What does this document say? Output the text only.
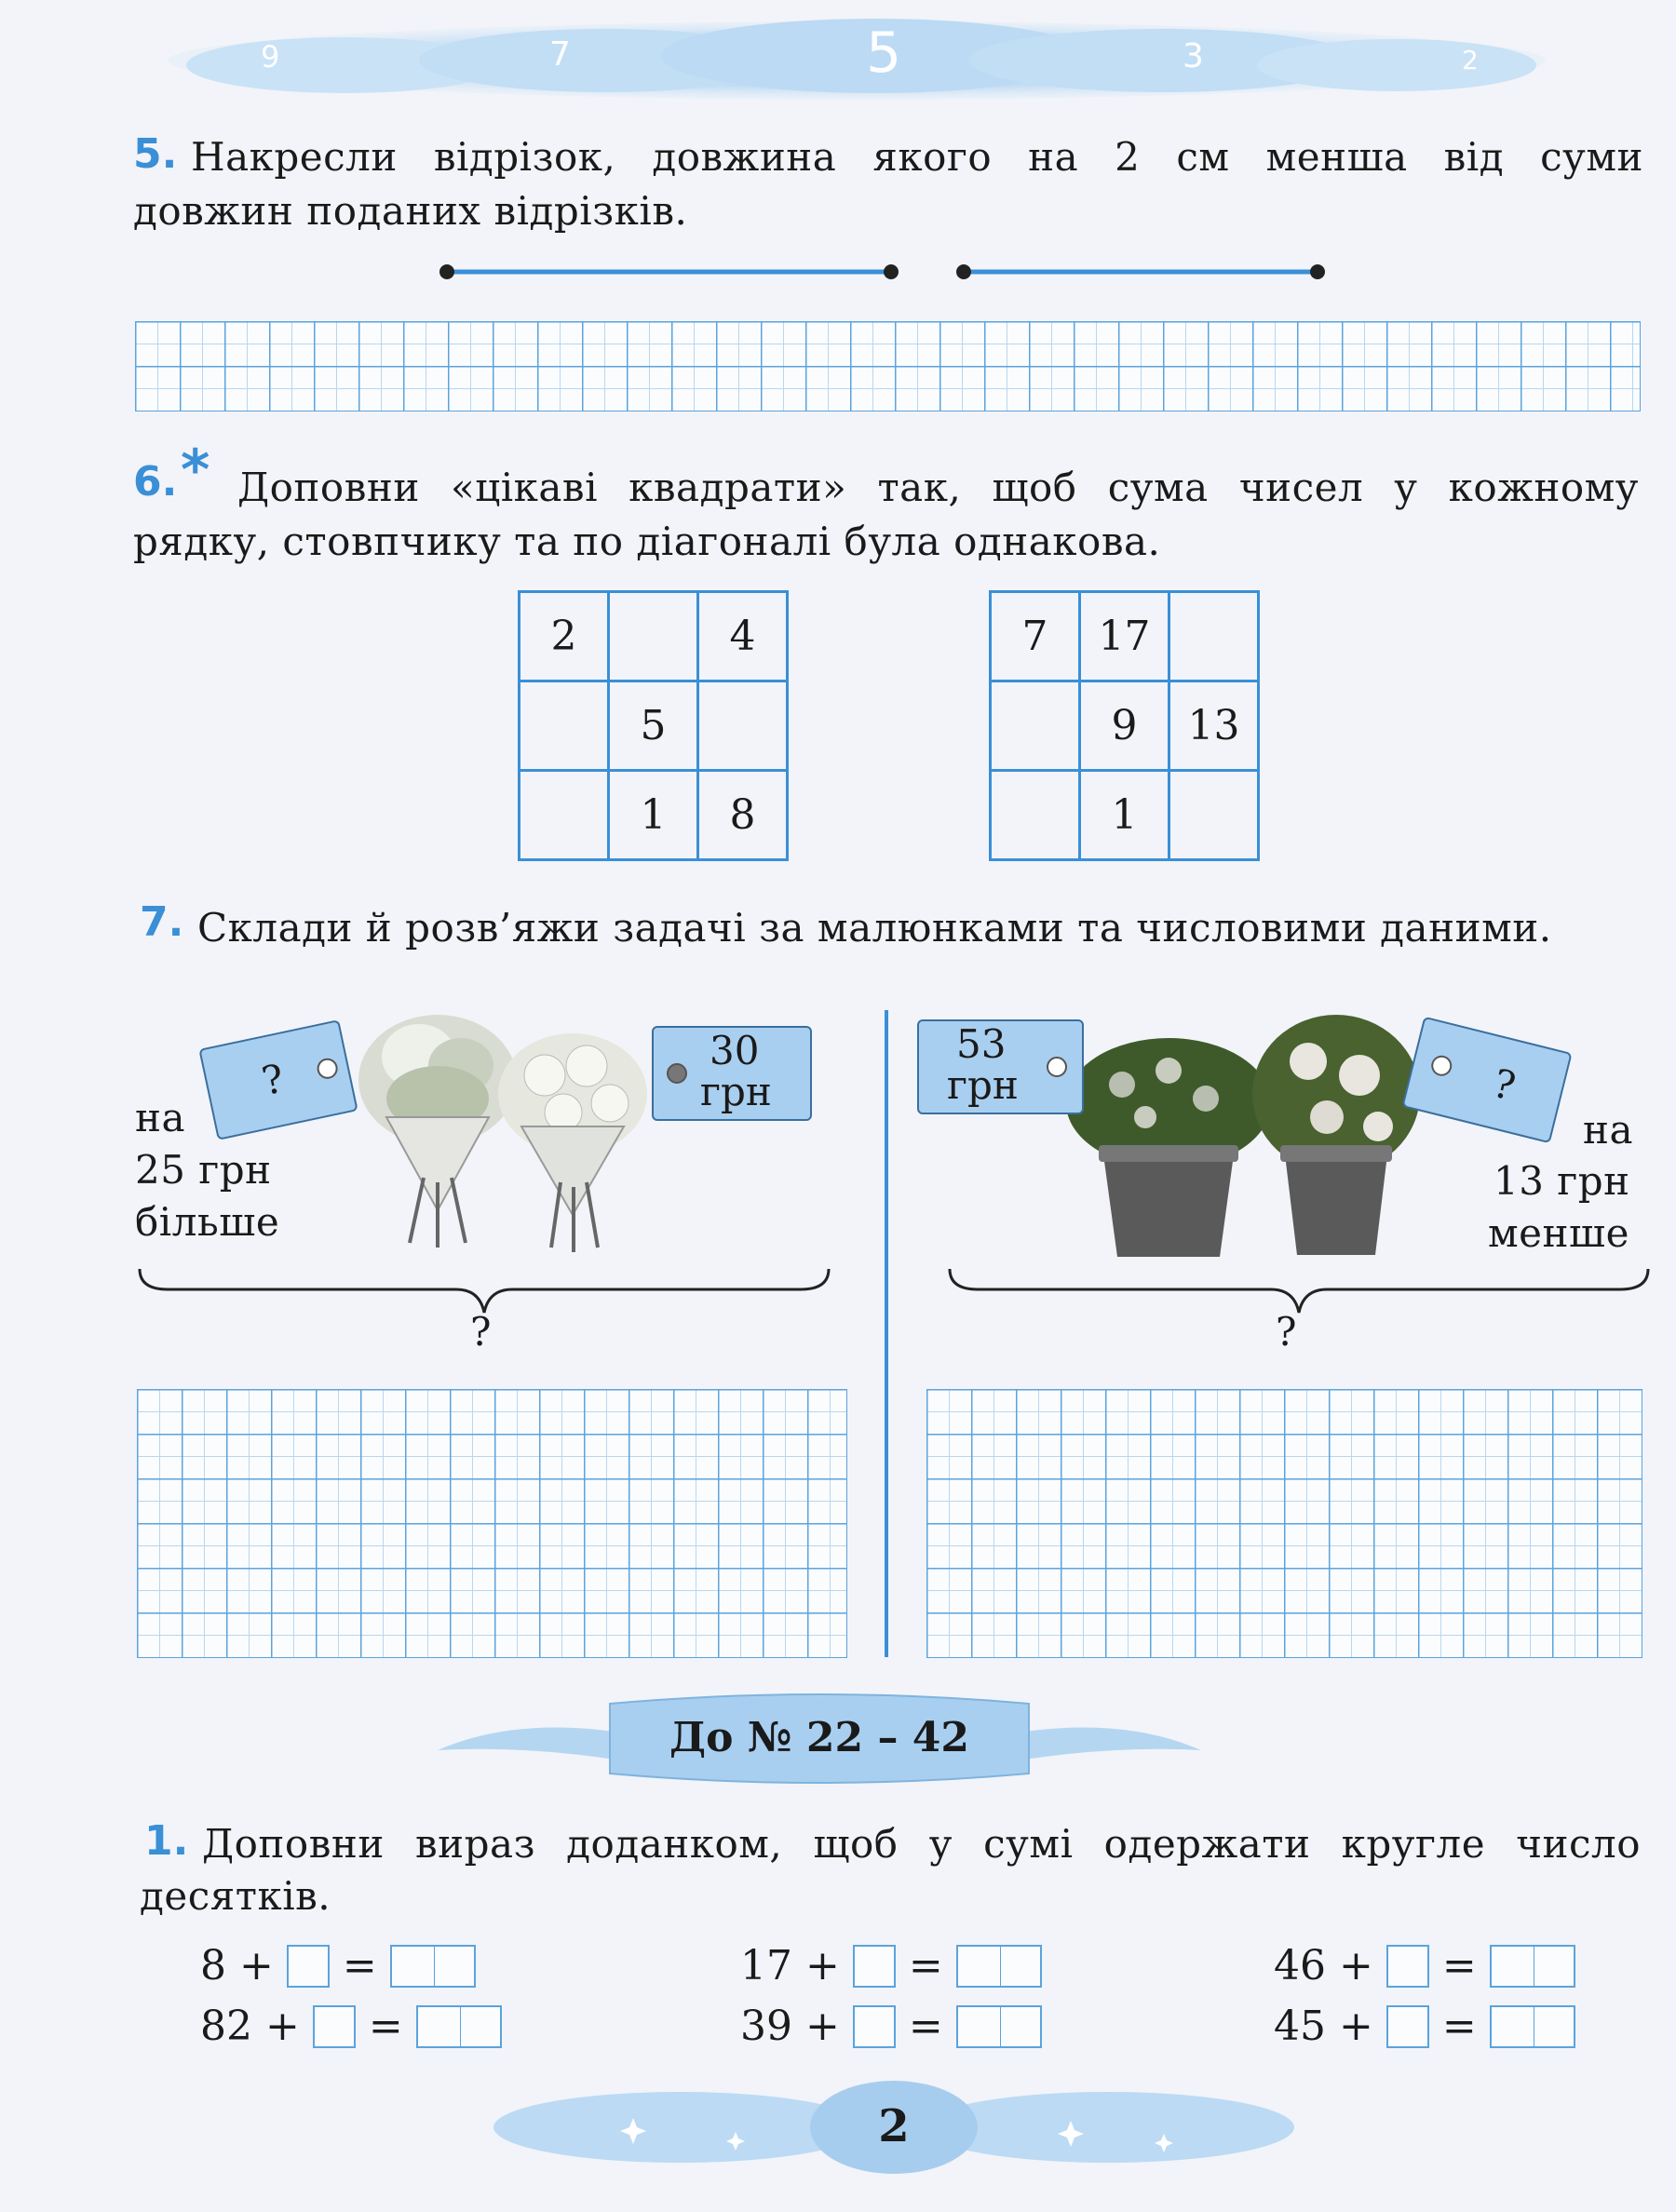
9	7	5	3	2
5. Накресли відрізок, довжина якого на 2 см менша від суми
довжин поданих відрізків.
6. * Доповни «цікаві квадрати» так, щоб сума чисел у кожному
рядку, стовпчику та по діагоналі була однакова.
2		4
	5	
	1	8
7	17	
	9	13
	1	
7. Склади й розв’яжи задачі за малюнками та числовими даними.
?
30
грн
на
25 грн
більше
?
53
грн	?
на
13 грн
менше
?
До № 22 – 42
1. Доповни вираз доданком, щоб у сумі одержати кругле число
десятків.
8 + =	17 + =	46 + =
82 + =	39 + =	45 + =
2
